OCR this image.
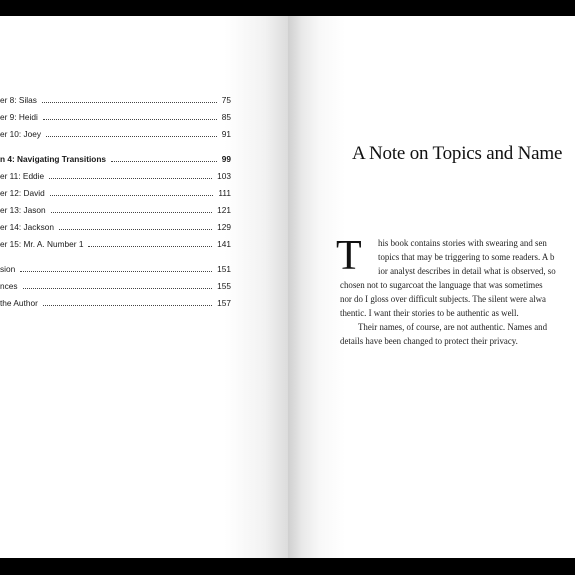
er 8: Silas	75
er 9: Heidi	85
er 10: Joey	91
n 4: Navigating Transitions	99
er 11: Eddie	103
er 12: David	111
er 13: Jason	121
er 14: Jackson	129
er 15: Mr. A. Number 1	141
sion	151
nces	155
the Author	157
A Note on Topics and Name
T	his book contains stories with swearing and sen
topics that may be triggering to some readers. A b
ior analyst describes in detail what is observed, so
chosen not to sugarcoat the language that was sometimes
nor do I gloss over difficult subjects. The silent were alwa
thentic. I want their stories to be authentic as well.
Their names, of course, are not authentic. Names and
details have been changed to protect their privacy.
